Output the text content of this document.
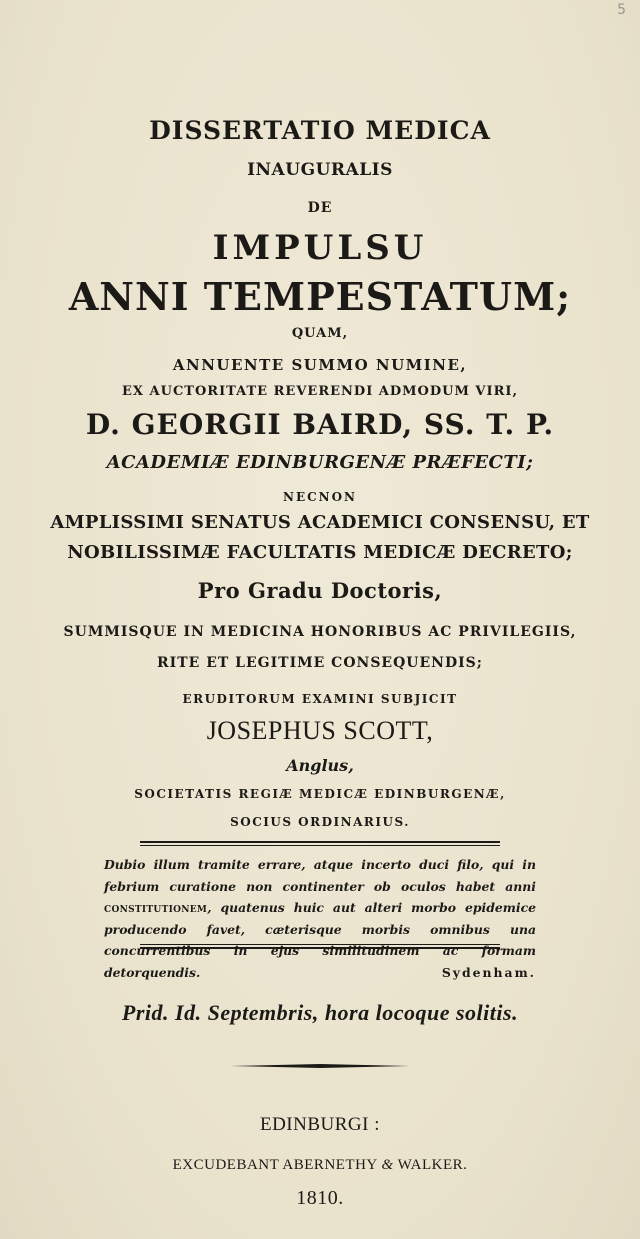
5
DISSERTATIO MEDICA
INAUGURALIS
DE
IMPULSU
ANNI TEMPESTATUM;
QUAM,
ANNUENTE SUMMO NUMINE,
EX AUCTORITATE REVERENDI ADMODUM VIRI,
D. GEORGII BAIRD, SS. T. P.
ACADEMIÆ EDINBURGENÆ PRÆFECTI;
NECNON
AMPLISSIMI SENATUS ACADEMICI CONSENSU, ET
NOBILISSIMÆ FACULTATIS MEDICÆ DECRETO;
Pro Gradu Doctoris,
SUMMISQUE IN MEDICINA HONORIBUS AC PRIVILEGIIS,
RITE ET LEGITIME CONSEQUENDIS;
ERUDITORUM EXAMINI SUBJICIT
JOSEPHUS SCOTT,
Anglus,
SOCIETATIS REGIÆ MEDICÆ EDINBURGENÆ,
SOCIUS ORDINARIUS.

Dubio illum tramite errare, atque incerto duci filo, qui in febrium curatione non continenter ob oculos habet anni constitutionem, quatenus huic aut alteri morbo epidemice producendo favet, cæterisque morbis omnibus una concurrentibus in ejus similitudinem ac formam detorquendis.	Sydenham.

Prid. Id. Septembris, hora locoque solitis.
EDINBURGI :
EXCUDEBANT ABERNETHY & WALKER.
1810.
